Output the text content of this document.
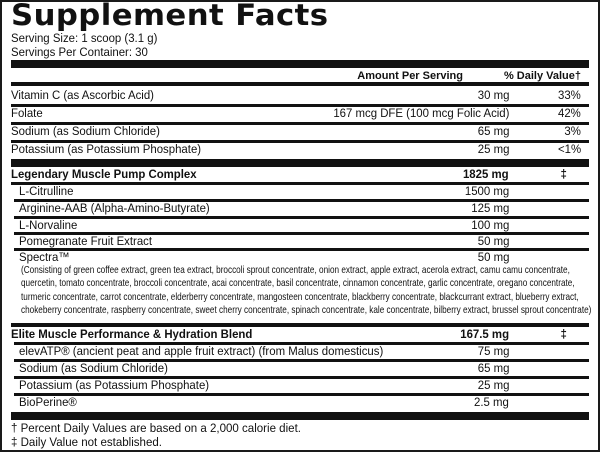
Supplement Facts
Serving Size: 1 scoop (3.1 g)
Servings Per Container: 30
Amount Per Serving	% Daily Value†
Vitamin C (as Ascorbic Acid)	30 mg	33%
Folate	167 mcg DFE (100 mcg Folic Acid)	42%
Sodium (as Sodium Chloride)	65 mg	3%
Potassium (as Potassium Phosphate)	25 mg	<1%
Legendary Muscle Pump Complex	1825 mg	‡
L-Citrulline	1500 mg
Arginine-AAB (Alpha-Amino-Butyrate)	125 mg
L-Norvaline	100 mg
Pomegranate Fruit Extract	50 mg
Spectra™	50 mg
(Consisting of green coffee extract, green tea extract, broccoli sprout concentrate, onion extract, apple extract, acerola extract, camu camu concentrate,
quercetin, tomato concentrate, broccoli concentrate, acai concentrate, basil concentrate, cinnamon concentrate, garlic concentrate, oregano concentrate,
turmeric concentrate, carrot concentrate, elderberry concentrate, mangosteen concentrate, blackberry concentrate, blackcurrant extract, blueberry extract,
chokeberry concentrate, raspberry concentrate, sweet cherry concentrate, spinach concentrate, kale concentrate, bilberry extract, brussel sprout concentrate)
Elite Muscle Performance & Hydration Blend	167.5 mg	‡
elevATP® (ancient peat and apple fruit extract) (from Malus domesticus)	75 mg
Sodium (as Sodium Chloride)	65 mg
Potassium (as Potassium Phosphate)	25 mg
BioPerine®	2.5 mg
† Percent Daily Values are based on a 2,000 calorie diet.
‡ Daily Value not established.
